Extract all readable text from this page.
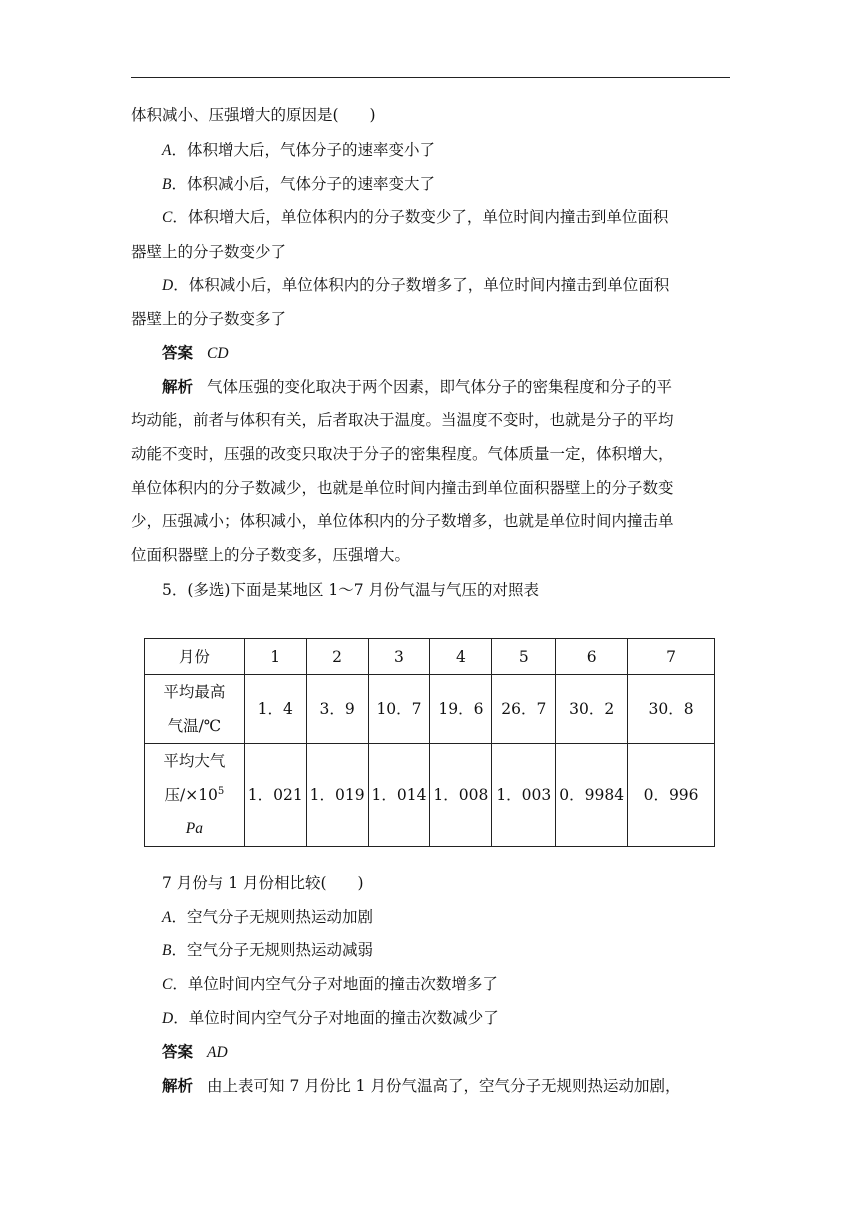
体积减小、压强增大的原因是(　　)
A．体积增大后，气体分子的速率变小了
B．体积减小后，气体分子的速率变大了
C．体积增大后，单位体积内的分子数变少了，单位时间内撞击到单位面积
器壁上的分子数变少了
D．体积减小后，单位体积内的分子数增多了，单位时间内撞击到单位面积
器壁上的分子数变多了
答案 CD
解析 气体压强的变化取决于两个因素，即气体分子的密集程度和分子的平
均动能，前者与体积有关，后者取决于温度。当温度不变时，也就是分子的平均
动能不变时，压强的改变只取决于分子的密集程度。气体质量一定，体积增大，
单位体积内的分子数减少，也就是单位时间内撞击到单位面积器壁上的分子数变
少，压强减小；体积减小，单位体积内的分子数增多，也就是单位时间内撞击单
位面积器壁上的分子数变多，压强增大。
5．(多选)下面是某地区 1～7 月份气温与气压的对照表
月份	1	2	3	4	5	6	7

平均最高
气温/℃	1．4	3．9	10．7	19．6	26．7	30．2	30．8

平均大气
压$/\times 10^5$
Pa	1．021	1．019	1．014	1．008	1．003	0．9984	0．996
7 月份与 1 月份相比较(　　)
A．空气分子无规则热运动加剧
B．空气分子无规则热运动减弱
C．单位时间内空气分子对地面的撞击次数增多了
D．单位时间内空气分子对地面的撞击次数减少了
答案 AD
解析 由上表可知 7 月份比 1 月份气温高了，空气分子无规则热运动加剧，
